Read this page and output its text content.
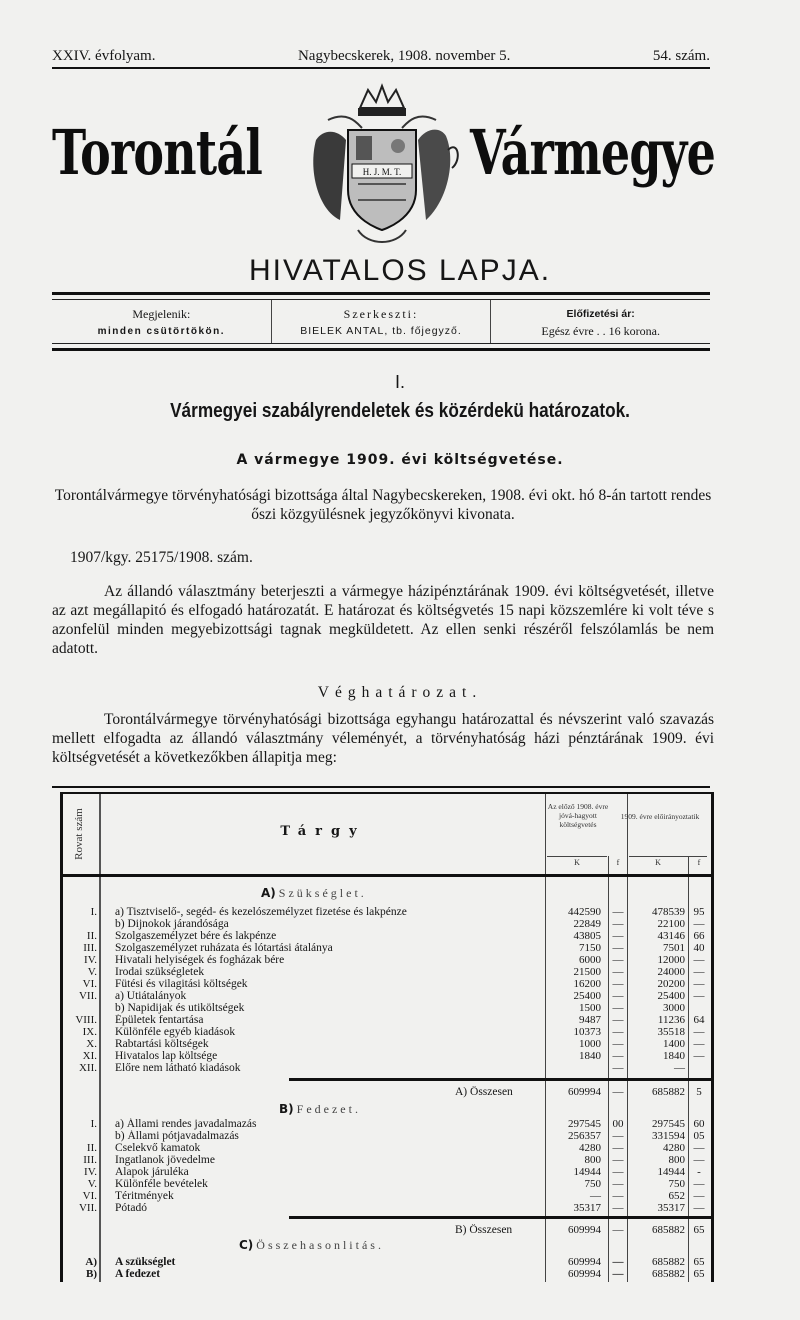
XXIV. évfolyam.	Nagybecskerek, 1908. november 5.	54. szám.
Torontál	Vármegye
H. J. M. T.
HIVATALOS LAPJA.
Megjelenik:
minden csütörtökön.
Szerkeszti:
BIELEK ANTAL, tb. főjegyző.
Előfizetési ár:
Egész évre . . 16 korona.
I.
Vármegyei szabályrendeletek és közérdekü határozatok.
A vármegye 1909. évi költségvetése.

Torontálvármegye törvényhatósági bizottsága által Nagybecskereken, 1908. évi okt. hó 8-án tartott rendes őszi közgyülésnek jegyzőkönyvi kivonata.

1907/kgy. 25175/1908. szám.

Az állandó választmány beterjeszti a vármegye házipénztárának 1909. évi költségvetését, illetve az azt megállapitó és elfogadó határozatát. E határozat és költségvetés 15 napi közszemlére ki volt téve s azonfelül minden megyebizottsági tagnak megküldetett. Az ellen senki részéről felszólamlás be nem adatott.

Véghatározat.

Torontálvármegye törvényhatósági bizottsága egyhangu határozattal és névszerint való szavazás mellett elfogadta az állandó választmány véleményét, a törvényhatóság házi pénztárának 1909. évi költségvetését a következőkben állapitja meg:

Rovat szám	Tárgy
Az előző 1908. évre jóvá-hagyott költségvetés
1909. évre előirányoztatik
K	f	K	f
A) Szükséglet.
I. a) Tisztviselő-, segéd- és kezelószemélyzet fizetése és lakpénze	442590 —	478539 95
b) Dijnokok járandósága	22849 —	22100 —
II. Szolgaszemélyzet bére és lakpénze	43805 —	43146 66
III. Szolgaszemélyzet ruházata és lótartási átalánya	7150 —	7501 40
IV. Hivatali helyiségek és fogházak bére	6000 —	12000 —
V. Irodai szükségletek	21500 —	24000 —
VI. Fütési és vilagitási költségek	16200 —	20200 —
VII. a) Utiátalányok	25400 —	25400 —
b) Napidijak és utiköltségek	1500 —	3000
VIII. Épületek fentartása	9487 —	11236 64
IX. Különféle egyéb kiadások	10373 —	35518 —
X. Rabtartási költségek	1000 —	1400 —
XI. Hivatalos lap költsége	1840 —	1840 —
XII. Előre nem látható kiadások	—	—
A) Összesen	609994 —	685882	5
B) Fedezet.
I. a) Állami rendes javadalmazás	297545 00	297545 60
b) Állami pótjavadalmazás	256357 —	331594 05
II. Cselekvő kamatok	4280 —	4280 —
III. Ingatlanok jövedelme	800 —	800 —
IV. Alapok járuléka	14944 —	14944	-
V. Különféle bevételek	750 —	750 —
VI. Téritmények	— —	652 —
VII. Pótadó	35317 —	35317 —
B) Összesen	609994 —	685882 65
C) Összehasonlitás.
A) A szükséglet	609994 —	685882 65
B) A fedezet	609994 —	685882 65
